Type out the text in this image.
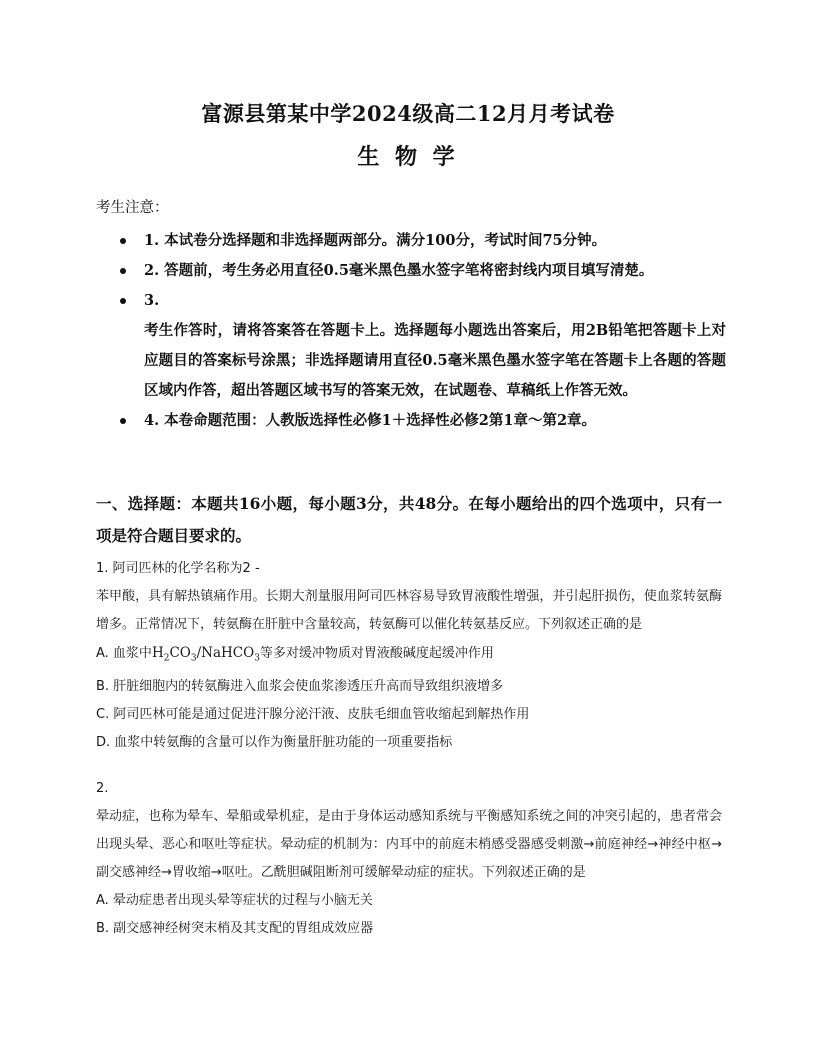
富源县第某中学2024级高二12月月考试卷
生 物 学
考生注意：
1. 本试卷分选择题和非选择题两部分。满分100分，考试时间75分钟。
2. 答题前，考生务必用直径0.5毫米黑色墨水签字笔将密封线内项目填写清楚。
3.
考生作答时，请将答案答在答题卡上。选择题每小题选出答案后，用2B铅笔把答题卡上对应题目的答案标号涂黑；非选择题请用直径0.5毫米黑色墨水签字笔在答题卡上各题的答题区域内作答，超出答题区域书写的答案无效，在试题卷、草稿纸上作答无效。
4. 本卷命题范围：人教版选择性必修1＋选择性必修2第1章～第2章。
一、选择题：本题共16小题，每小题3分，共48分。在每小题给出的四个选项中，只有一项是符合题目要求的。

1. 阿司匹林的化学名称为2 -

苯甲酸，具有解热镇痛作用。长期大剂量服用阿司匹林容易导致胃液酸性增强，并引起肝损伤，使血浆转氨酶增多。正常情况下，转氨酶在肝脏中含量较高，转氨酶可以催化转氨基反应。下列叙述正确的是

A. 血浆中$H_2CO_3/NaHCO_3$等多对缓冲物质对胃液酸碱度起缓冲作用

B. 肝脏细胞内的转氨酶进入血浆会使血浆渗透压升高而导致组织液增多

C. 阿司匹林可能是通过促进汗腺分泌汗液、皮肤毛细血管收缩起到解热作用

D. 血浆中转氨酶的含量可以作为衡量肝脏功能的一项重要指标

2.

晕动症，也称为晕车、晕船或晕机症，是由于身体运动感知系统与平衡感知系统之间的冲突引起的，患者常会出现头晕、恶心和呕吐等症状。晕动症的机制为：内耳中的前庭末梢感受器感受刺激→前庭神经→神经中枢→副交感神经→胃收缩→呕吐。乙酰胆碱阻断剂可缓解晕动症的症状。下列叙述正确的是

A. 晕动症患者出现头晕等症状的过程与小脑无关

B. 副交感神经树突末梢及其支配的胃组成效应器
